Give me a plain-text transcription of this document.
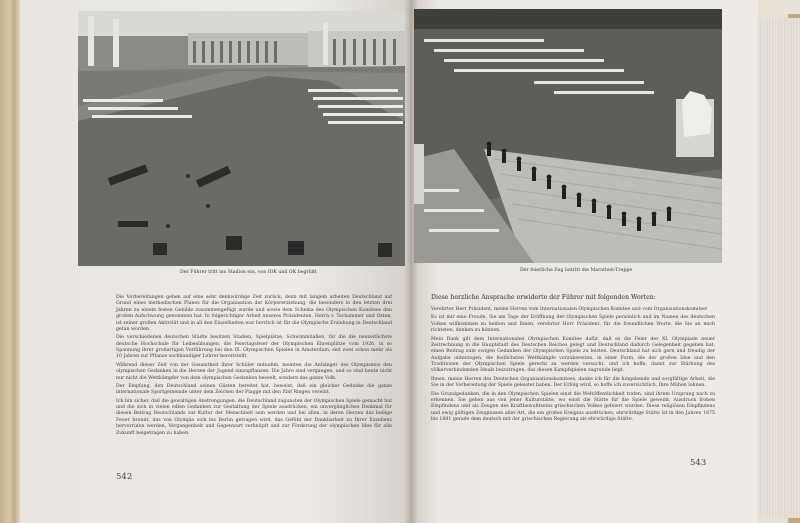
Der Führer tritt ins Stadion ein, von IOK und OK begrüßt	Der feierliche Zug betritt die Marathon-Treppe

Die Vorbereitungen gehen auf eine sehr denkwürdige Zeit zurück; denn mit langem arbeiten Deutschland auf Grund eines methodischen Planes für die Organisation der Körpererziehung, die besonders in den letzten drei Jahren zu einem festen Gebilde zusammengefügt wurde und sowie dem Schema des Olympischen Komitees den großen Aufschwung genommen hat. In folgerichtiger Arbeit unseres Präsidenten, Herrn v. Tschammer und Osten, ist seiner großen Aktivität und in all den Einzelheiten war herrlich ist für die Olympische Erziehung in Deutschland getan worden.

Die verschiedenen deutschen Städte besitzen Stadien, Spielplätze, Schwimmhallen, für die die neuzeitlichste deutsche Hochschule für Leibesübungen, die Feiertagsfeier der Olympischen Ehrenplätze vom 1926, in so Spannung ihrer großartigen Vorführung bei den IX. Olympischen Spielen in Amsterdam, seit zwei schon mehr als 10 Jahren zur Pflanze sachkundiger Lehrer bereitstellt.

Während dieser Zeit von der Gesamtheit ihrer Schüler mitnahm, meinten die Anhänger des Olympismus den olympischen Gedanken in die Herzen der Jugend einzupflanzen. Die Jahre sind vergangen, und so sind heute nicht nur nicht die Wettkämpfer von dem olympischen Gedanken beseelt, sondern das ganze Volk.

Der Empfang, den Deutschland seinen Gästen bereitet hat, beweist, daß ein gleicher Gedanke die ganze internationale Sportgemeinde unter dem Zeichen der Flagge mit den fünf Ringen vereint.

Ich bin sicher, daß die gewaltigen Anstrengungen, die Deutschland zugunsten der Olympischen Spiele gemacht hat und die sich in vielen edlen Gedanken zur Gestaltung der Spiele ausdrücken, ein unvergängliches Denkmal für diesen Beitrag Deutschlands zur Kultur der Menschheit sein werden und bei allen, in deren Herzen das heilige Feuer brennt, das von Olympia sich bis Berlin getragen wird, das Gefühl der Dankbarkeit zu Ihrer Exzellenz hervorrufen werden, Vergangenheit und Gegenwart verknüpft und zur Förderung der olympischen Idee für alle Zukunft beigetragen zu haben.

542
Diese herzliche Ansprache erwiderte der Führer mit folgenden Worten:

Verehrter Herr Präsident, meine Herren vom Internationalen Olympischen Komitee und vom Organisationskomitee!

Es ist mir eine Freude, Sie am Tage der Eröffnung der Olympischen Spiele persönlich und im Namen des deutschen Volkes willkommen zu heißen und Ihnen, verehrter Herr Präsident, für die freundlichen Worte, die Sie an mich richteten, danken zu können.

Mein Dank gilt dem Internationalen Olympischen Komitee dafür, daß es die Feier der XI. Olympiade neuer Zeitrechnung in die Hauptstadt des Deutschen Reiches gelegt und Deutschland dadurch Gelegenheit gegeben hat, einen Beitrag zum ewigen Gedanken der Olympischen Spiele zu leisten. Deutschland hat sich gern und freudig der Aufgabe unterzogen, die festlichsten Wettkämpfe vorzubereiten, in einer Form, die der großen Idee und den Traditionen der Olympischen Spiele gerecht zu werden versucht, und ich hoffe, damit zur Stärkung des völkerverbindenden Ideals beizutragen, das diesen Kampfspielen zugrunde liegt.

Ihnen, meine Herren des Deutschen Organisationskomitees, danke ich für die hingebende und sorgfältige Arbeit, die Sie in der Vorbereitung der Spiele geleistet haben. Der Erfolg wird, so hoffe ich zuversichtlich, Ihre Mühen lohnen.

Die Grundgedanken, die in den Olympischen Spielen einst die Weltöffentlichkeit trafen, sind ihrem Ursprung nach zu erkennen. Sie gehen aus von jener Kulturstätte, wo einst die Stätte für die Spiele geweiht, Ausdruck frohen Empfindens und als Zeugen des Kraftbewußtseins griechischen Volkes gefeiert wurden. Diese religiösen Empfindens und ewig gültigen Zeugnissen aller Art, die ein großes Ereignis ausdrücken, ehrwürdige Stätte ist in den Jahren 1875 bis 1881 gerade dem deutsch mit der griechischen Regierung als ehrwürdige Stätte.

543
